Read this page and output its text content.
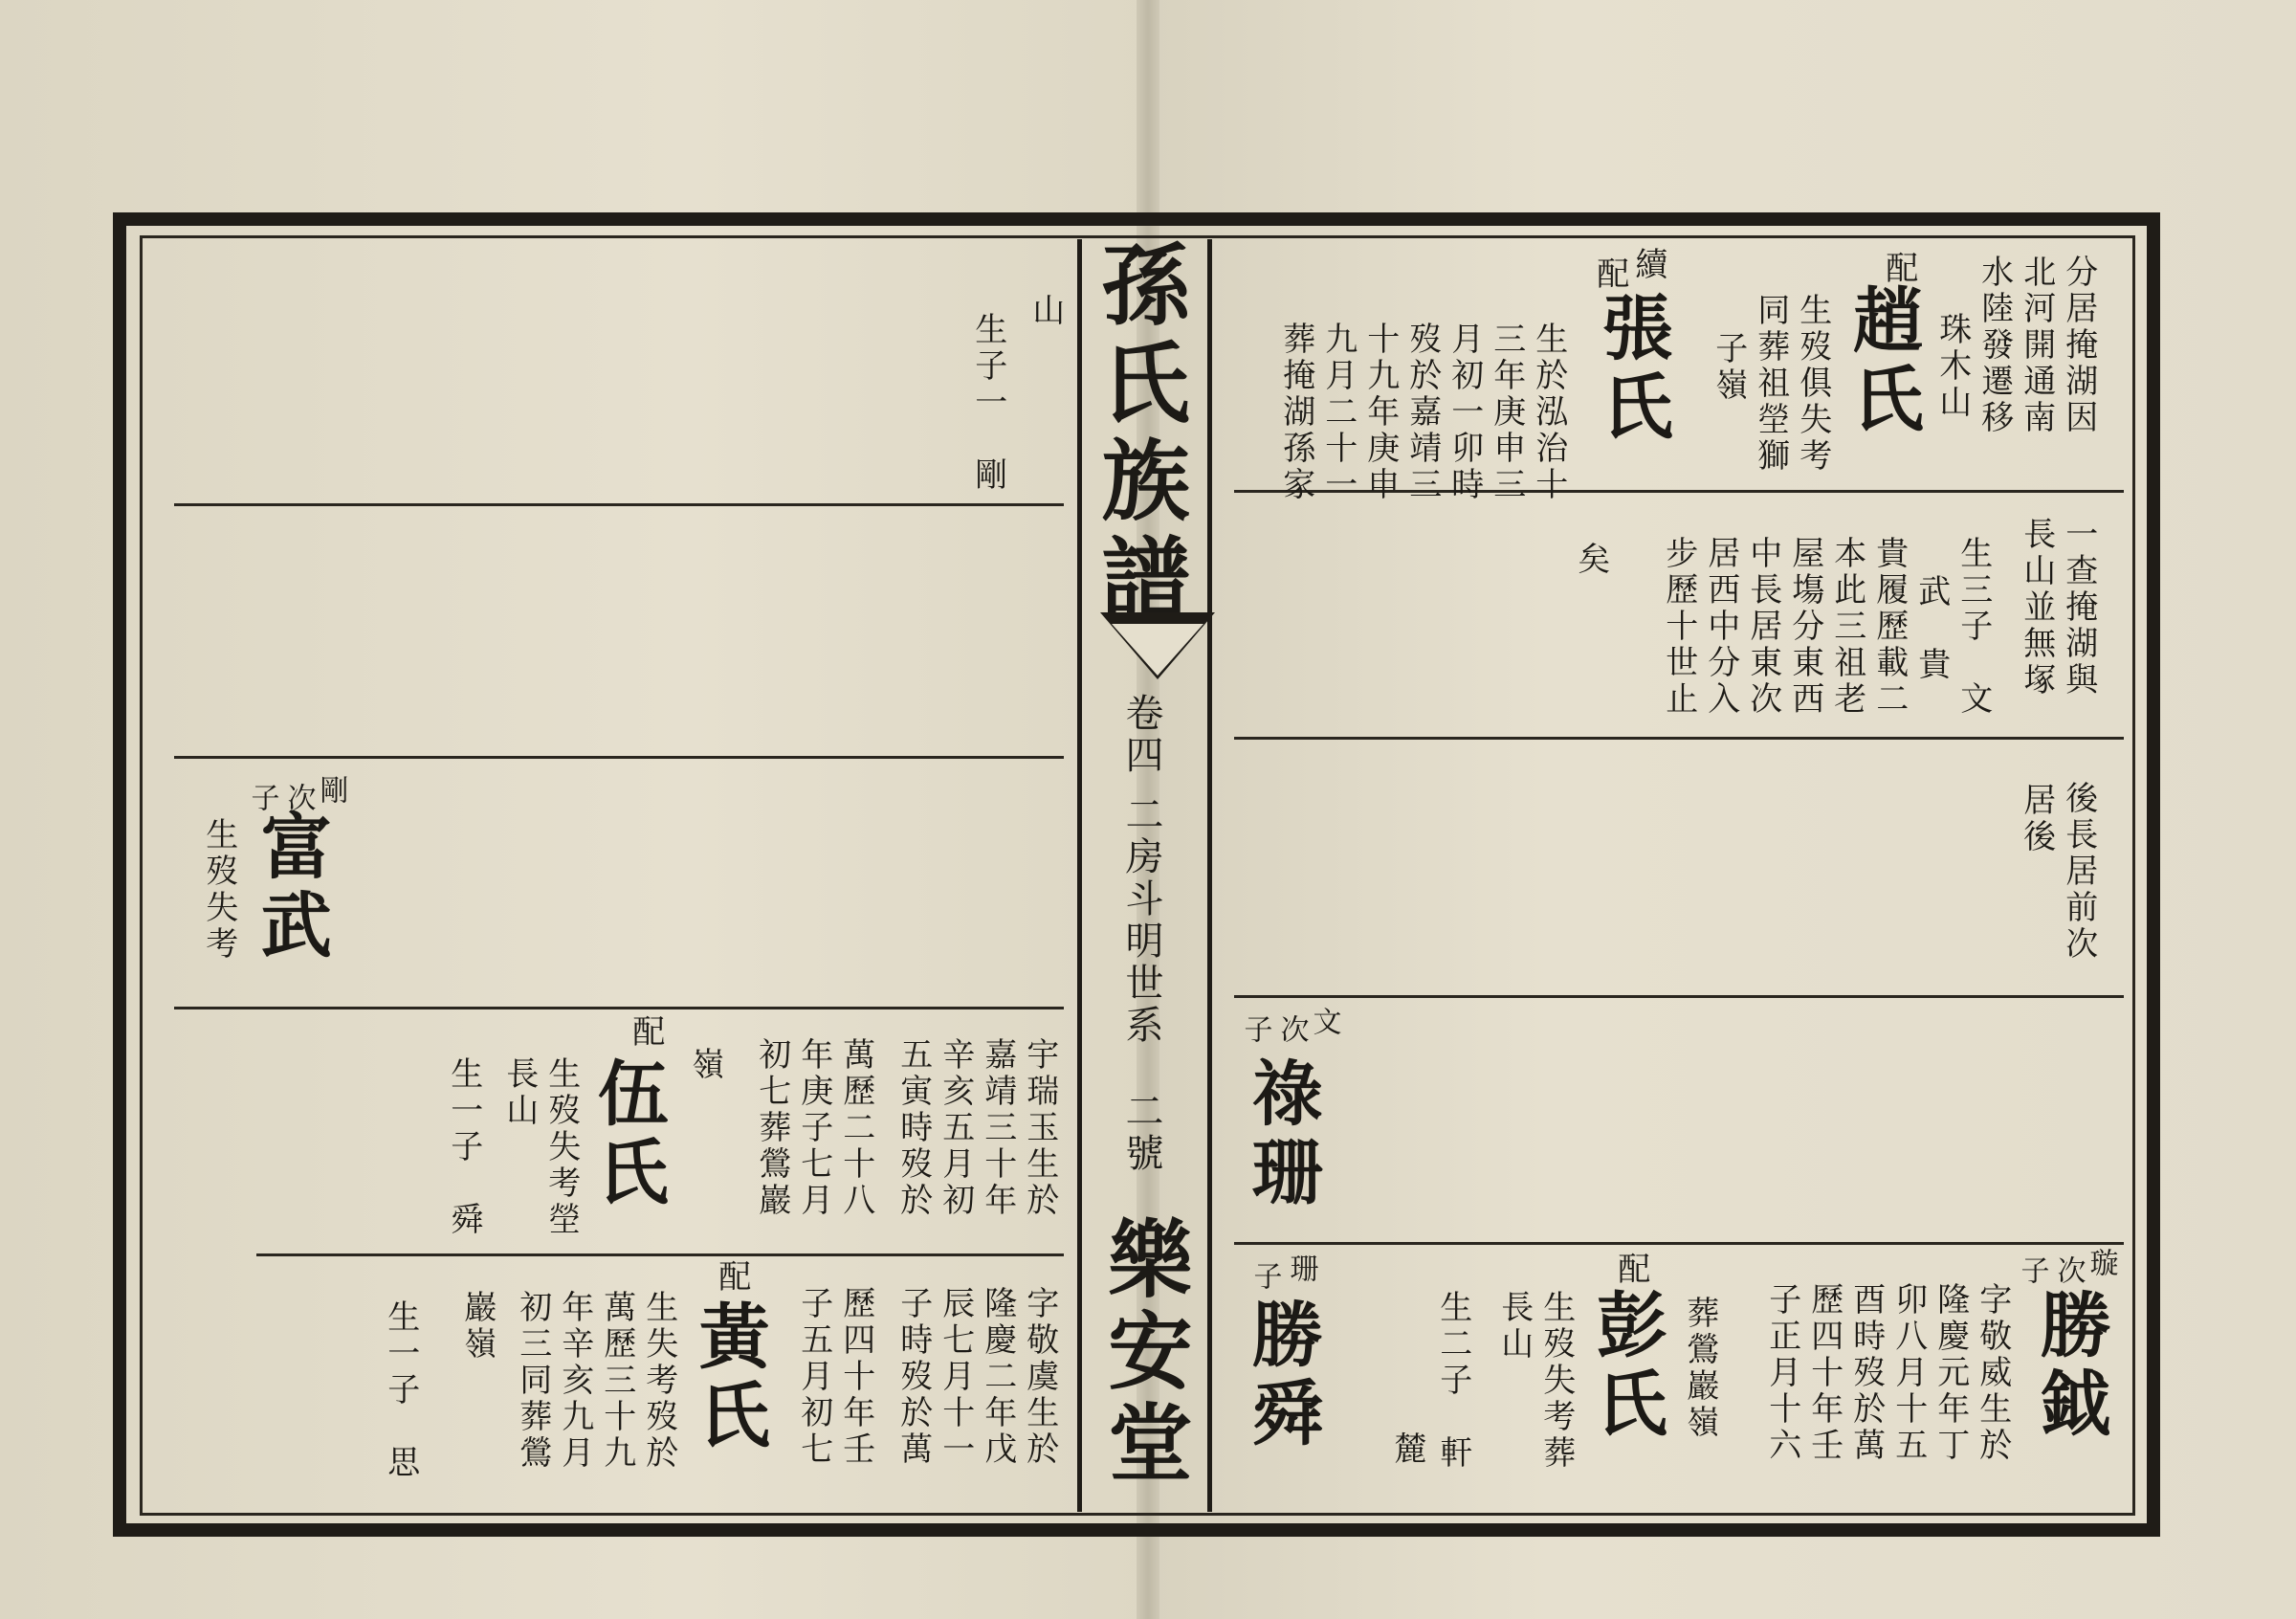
孫氏族譜
卷四
二房斗明世系
二號
樂安堂
分居掩湖因
北河開通南
水陸發遷移
珠木山
配
趙氏
生歿俱失考
同葬祖塋獅
子嶺
續
配
張氏
生於泓治十
三年庚申三
月初一卯時
歿於嘉靖三
十九年庚申
九月二十一
葬掩湖孫家
一查掩湖與
長山並無塚
生三子　文
武　貴
貴履歷載二
本此三祖老
屋塲分東西
中長居東次
居西中分入
步歷十世止
矣
後長居前次
居後
文
次
子
祿珊
珊
子
勝舜
璇
次
子
勝鉞
字敬威生於
隆慶元年丁
卯八月十五
酉時歿於萬
歷四十年壬
子正月十六
葬鶯巖嶺
配
彭氏
生歿失考葬
長山
生二子　軒
麓
山
生子一　剛
剛
次
子
富武
生歿失考
宇瑞玉生於
嘉靖三十年
辛亥五月初
五寅時歿於
萬歷二十八
年庚子七月
初七葬鶯巖
嶺
配
伍氏
生歿失考塋
長山
生一子　舜
字敬虞生於
隆慶二年戊
辰七月十一
子時歿於萬
歷四十年壬
子五月初七
配
黃氏
生失考歿於
萬歷三十九
年辛亥九月
初三同葬鶯
巖嶺
生一子　思
